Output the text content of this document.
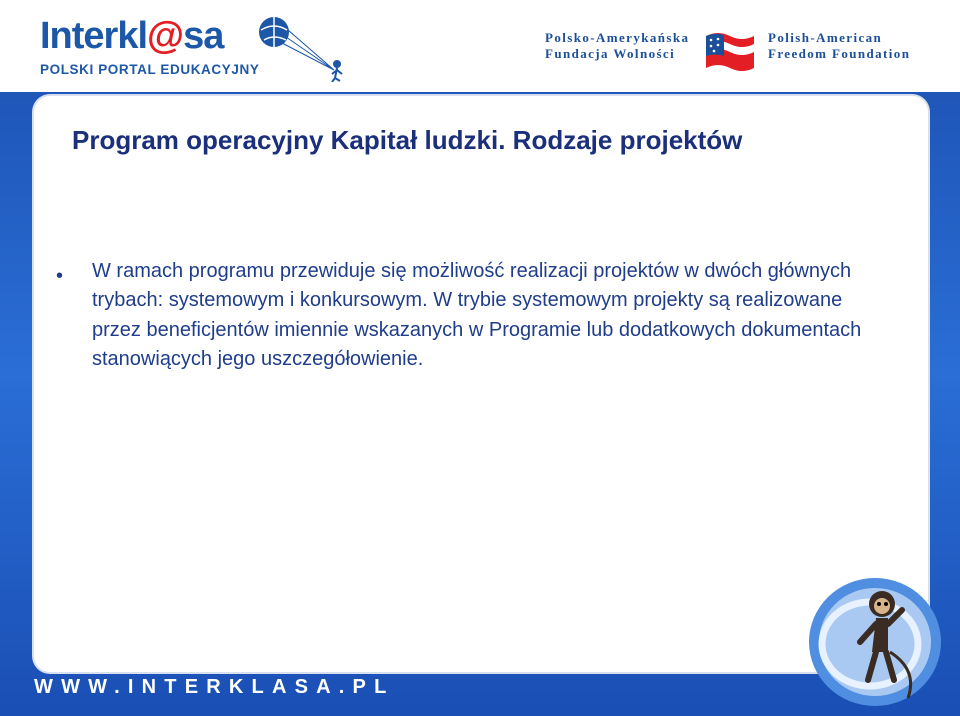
Interkl@sa
POLSKI PORTAL EDUKACYJNY
Polsko-Amerykańska
Fundacja Wolności
Polish-American
Freedom Foundation
Program operacyjny Kapitał ludzki. Rodzaje projektów
• W ramach programu przewiduje się możliwość realizacji projektów w dwóch głównych trybach: systemowym i konkursowym. W trybie systemowym projekty są realizowane przez beneficjentów imiennie wskazanych w Programie lub dodatkowych dokumentach stanowiących jego uszczegółowienie.
WWW.INTERKLASA.PL
